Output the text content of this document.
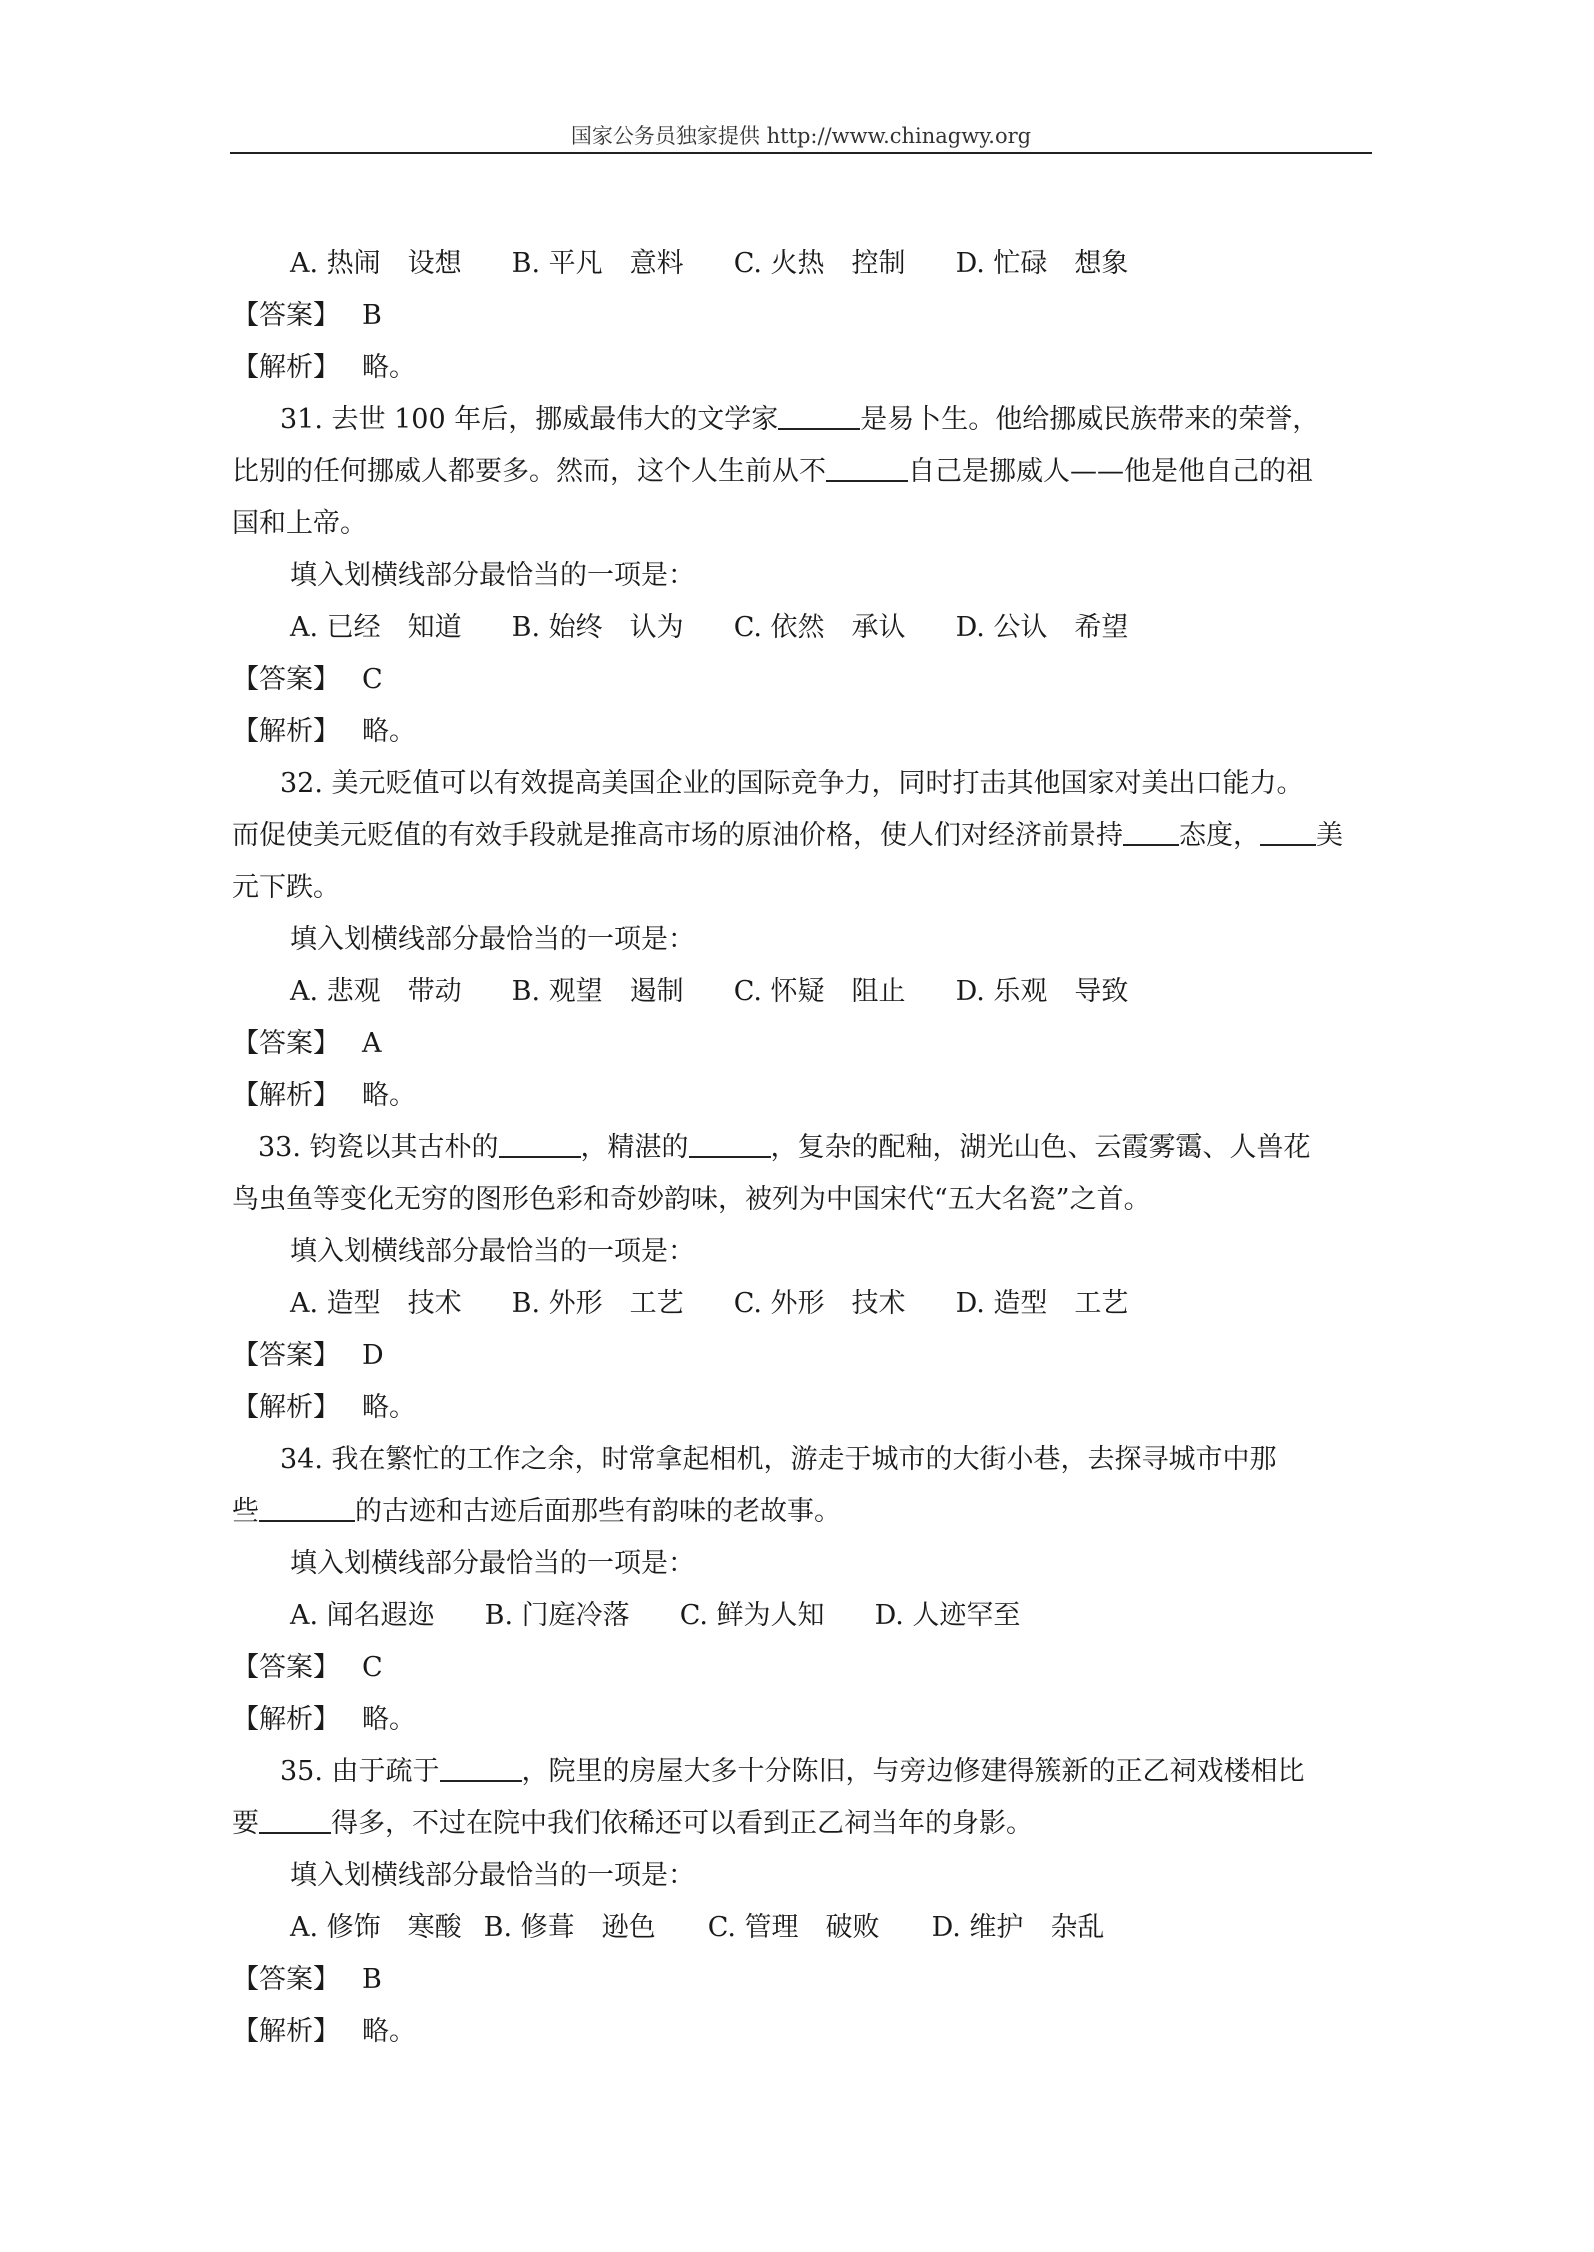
国家公务员独家提供 http://www.chinagwy.org
A. 热闹　设想 B. 平凡　意料 C. 火热　控制 D. 忙碌　想象
【答案】 B
【解析】 略。
31. 去世 100 年后，挪威最伟大的文学家	是易卜生。他给挪威民族带来的荣誉，
比别的任何挪威人都要多。然而，这个人生前从不	自己是挪威人——他是他自己的祖
国和上帝。
填入划横线部分最恰当的一项是：
A. 已经　知道 B. 始终　认为 C. 依然　承认 D. 公认　希望
【答案】 C
【解析】 略。
32. 美元贬值可以有效提高美国企业的国际竞争力，同时打击其他国家对美出口能力。
而促使美元贬值的有效手段就是推高市场的原油价格，使人们对经济前景持 态度， 美
元下跌。
填入划横线部分最恰当的一项是：
A. 悲观　带动 B. 观望　遏制 C. 怀疑　阻止 D. 乐观　导致
【答案】 A
【解析】 略。
33. 钧瓷以其古朴的	，精湛的	，复杂的配釉，湖光山色、云霞雾霭、人兽花
鸟虫鱼等变化无穷的图形色彩和奇妙韵味，被列为中国宋代“五大名瓷”之首。
填入划横线部分最恰当的一项是：
A. 造型　技术 B. 外形　工艺 C. 外形　技术 D. 造型　工艺
【答案】 D
【解析】 略。
34. 我在繁忙的工作之余，时常拿起相机，游走于城市的大街小巷，去探寻城市中那
些	的古迹和古迹后面那些有韵味的老故事。
填入划横线部分最恰当的一项是：
A. 闻名遐迩 B. 门庭冷落 C. 鲜为人知 D. 人迹罕至
【答案】 C
【解析】 略。
35. 由于疏于	，院里的房屋大多十分陈旧，与旁边修建得簇新的正乙祠戏楼相比
要	得多，不过在院中我们依稀还可以看到正乙祠当年的身影。
填入划横线部分最恰当的一项是：
A. 修饰　寒酸 B. 修葺　逊色 C. 管理　破败 D. 维护　杂乱
【答案】 B
【解析】 略。
